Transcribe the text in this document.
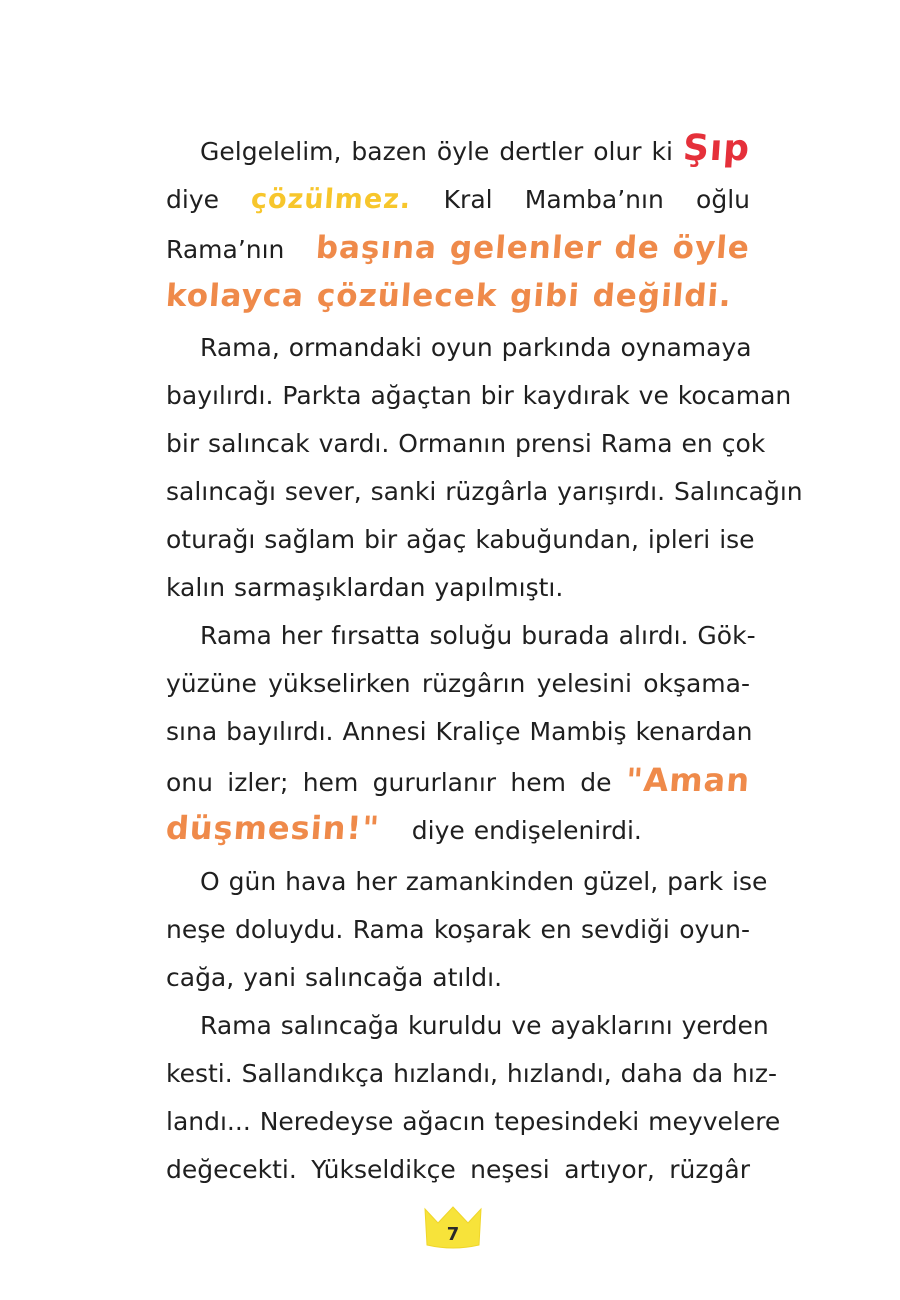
Gelgelelim, bazen öyle dertler olur ki Şıp
diye çözülmez. Kral Mamba’nın oğlu
Rama’nın başına gelenler de öyle
kolayca çözülecek gibi değildi.
Rama, ormandaki oyun parkında oynamaya
bayılırdı. Parkta ağaçtan bir kaydırak ve kocaman
bir salıncak vardı. Ormanın prensi Rama en çok
salıncağı sever, sanki rüzgârla yarışırdı. Salıncağın
oturağı sağlam bir ağaç kabuğundan, ipleri ise
kalın sarmaşıklardan yapılmıştı.
Rama her fırsatta soluğu burada alırdı. Gök-
yüzüne yükselirken rüzgârın yelesini okşama-
sına bayılırdı. Annesi Kraliçe Mambiş kenardan
onu izler; hem gururlanır hem de "Aman
düşmesin!" diye endişelenirdi.
O gün hava her zamankinden güzel, park ise
neşe doluydu. Rama koşarak en sevdiği oyun-
cağa, yani salıncağa atıldı.
Rama salıncağa kuruldu ve ayaklarını yerden
kesti. Sallandıkça hızlandı, hızlandı, daha da hız-
landı... Neredeyse ağacın tepesindeki meyvelere
değecekti. Yükseldikçe neşesi artıyor, rüzgâr
7
